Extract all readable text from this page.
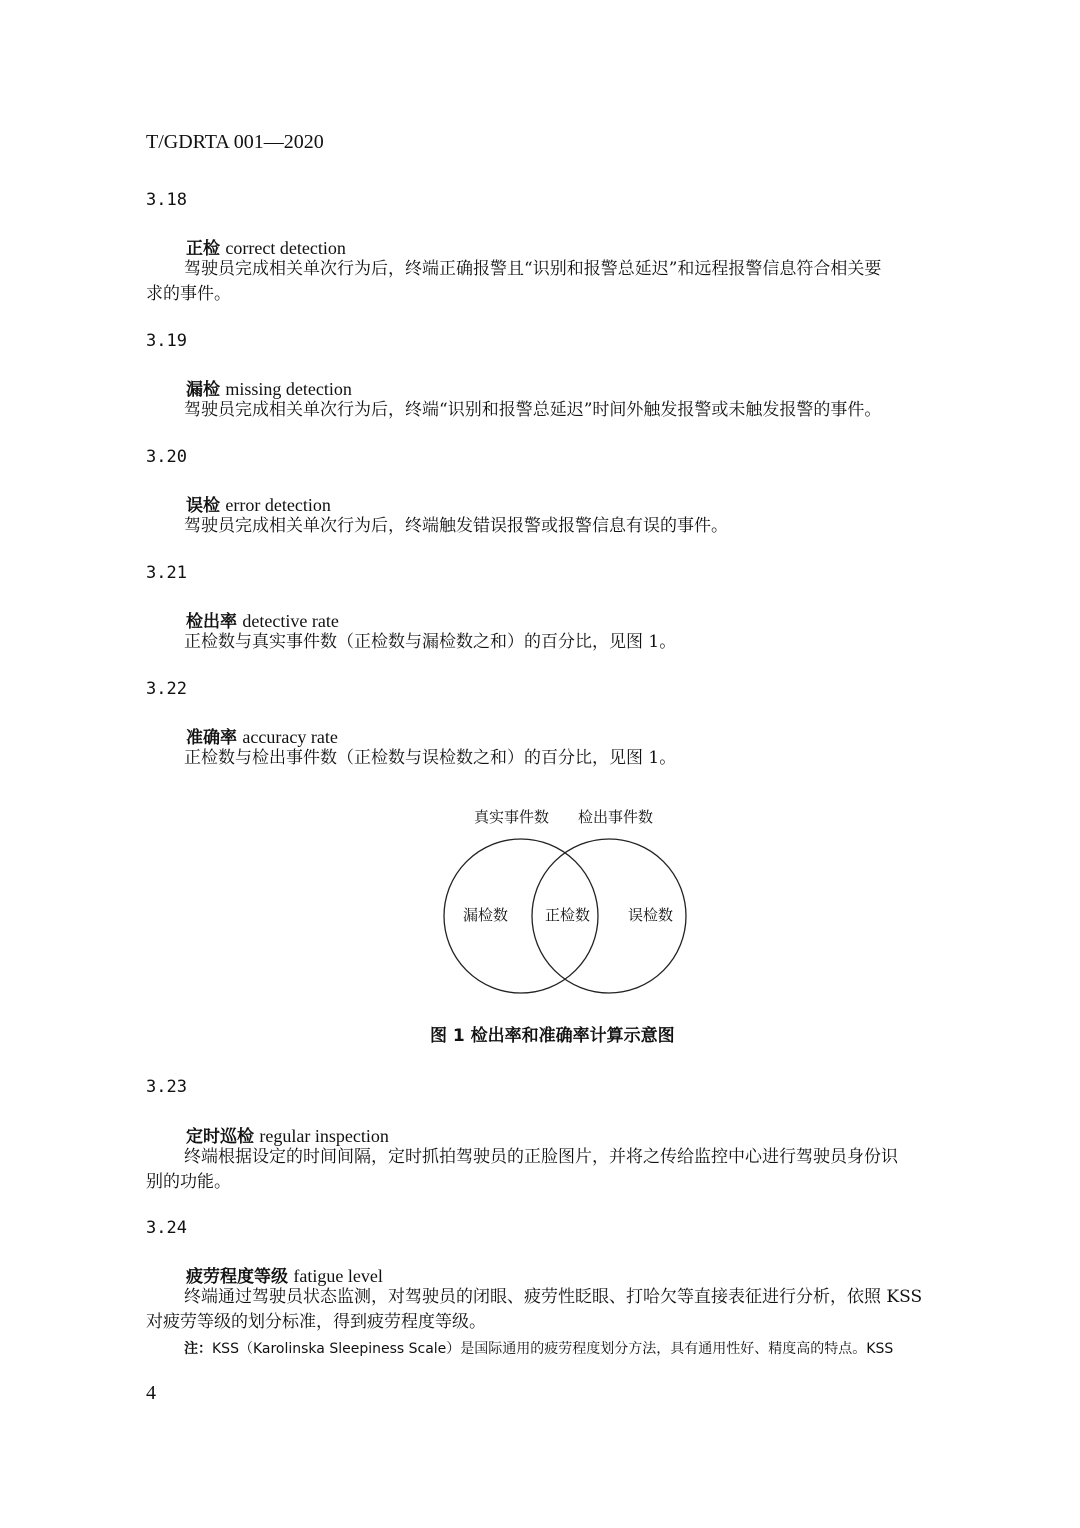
T/GDRTA 001—2020
3.18
正检 correct detection
驾驶员完成相关单次行为后，终端正确报警且“识别和报警总延迟”和远程报警信息符合相关要
求的事件。
3.19
漏检 missing detection
驾驶员完成相关单次行为后，终端“识别和报警总延迟”时间外触发报警或未触发报警的事件。
3.20
误检 error detection
驾驶员完成相关单次行为后，终端触发错误报警或报警信息有误的事件。
3.21
检出率 detective rate
正检数与真实事件数（正检数与漏检数之和）的百分比，见图 1。
3.22
准确率 accuracy rate
正检数与检出事件数（正检数与误检数之和）的百分比，见图 1。
真实事件数 检出事件数
漏检数 正检数	误检数
图 1 检出率和准确率计算示意图
3.23
定时巡检 regular inspection
终端根据设定的时间间隔，定时抓拍驾驶员的正脸图片，并将之传给监控中心进行驾驶员身份识
别的功能。
3.24
疲劳程度等级 fatigue level
终端通过驾驶员状态监测，对驾驶员的闭眼、疲劳性眨眼、打哈欠等直接表征进行分析，依照 KSS
对疲劳等级的划分标准，得到疲劳程度等级。
注：KSS（Karolinska Sleepiness Scale）是国际通用的疲劳程度划分方法，具有通用性好、精度高的特点。KSS
4
